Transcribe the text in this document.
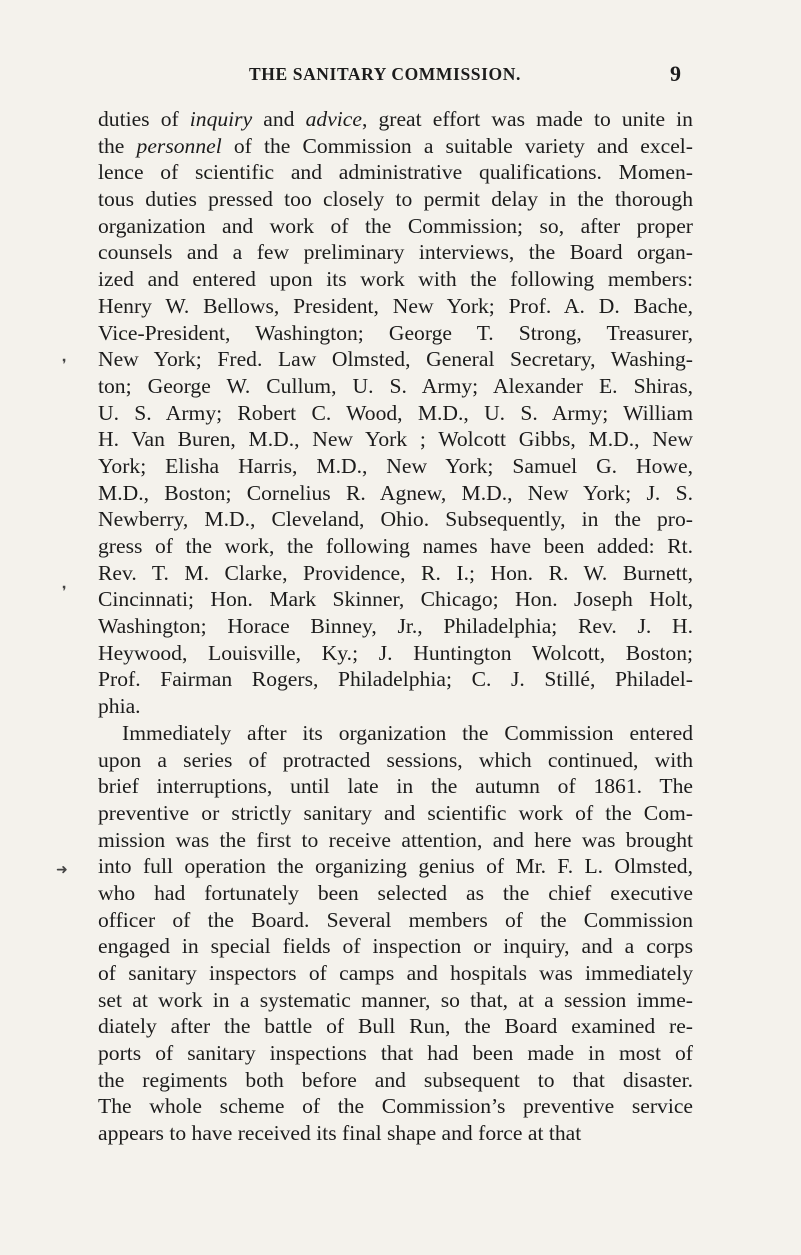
THE SANITARY COMMISSION.	9
duties of inquiry and advice, great effort was made to unite in
the personnel of the Commission a suitable variety and excel-
lence of scientific and administrative qualifications. Momen-
tous duties pressed too closely to permit delay in the thorough
organization and work of the Commission; so, after proper
counsels and a few preliminary interviews, the Board organ-
ized and entered upon its work with the following members:
Henry W. Bellows, President, New York; Prof. A. D. Bache,
Vice-President, Washington; George T. Strong, Treasurer,
New York; Fred. Law Olmsted, General Secretary, Washing-
ton; George W. Cullum, U. S. Army; Alexander E. Shiras,
U. S. Army; Robert C. Wood, M.D., U. S. Army; William
H. Van Buren, M.D., New York ; Wolcott Gibbs, M.D., New
York; Elisha Harris, M.D., New York; Samuel G. Howe,
M.D., Boston; Cornelius R. Agnew, M.D., New York; J. S.
Newberry, M.D., Cleveland, Ohio. Subsequently, in the pro-
gress of the work, the following names have been added: Rt.
Rev. T. M. Clarke, Providence, R. I.; Hon. R. W. Burnett,
Cincinnati; Hon. Mark Skinner, Chicago; Hon. Joseph Holt,
Washington; Horace Binney, Jr., Philadelphia; Rev. J. H.
Heywood, Louisville, Ky.; J. Huntington Wolcott, Boston;
Prof. Fairman Rogers, Philadelphia; C. J. Stillé, Philadel-
phia.
Immediately after its organization the Commission entered
upon a series of protracted sessions, which continued, with
brief interruptions, until late in the autumn of 1861. The
preventive or strictly sanitary and scientific work of the Com-
mission was the first to receive attention, and here was brought
into full operation the organizing genius of Mr. F. L. Olmsted,
who had fortunately been selected as the chief executive
officer of the Board. Several members of the Commission
engaged in special fields of inspection or inquiry, and a corps
of sanitary inspectors of camps and hospitals was immediately
set at work in a systematic manner, so that, at a session imme-
diately after the battle of Bull Run, the Board examined re-
ports of sanitary inspections that had been made in most of
the regiments both before and subsequent to that disaster.
The whole scheme of the Commission’s preventive service
appears to have received its final shape and force at that
❜
❜
➜
